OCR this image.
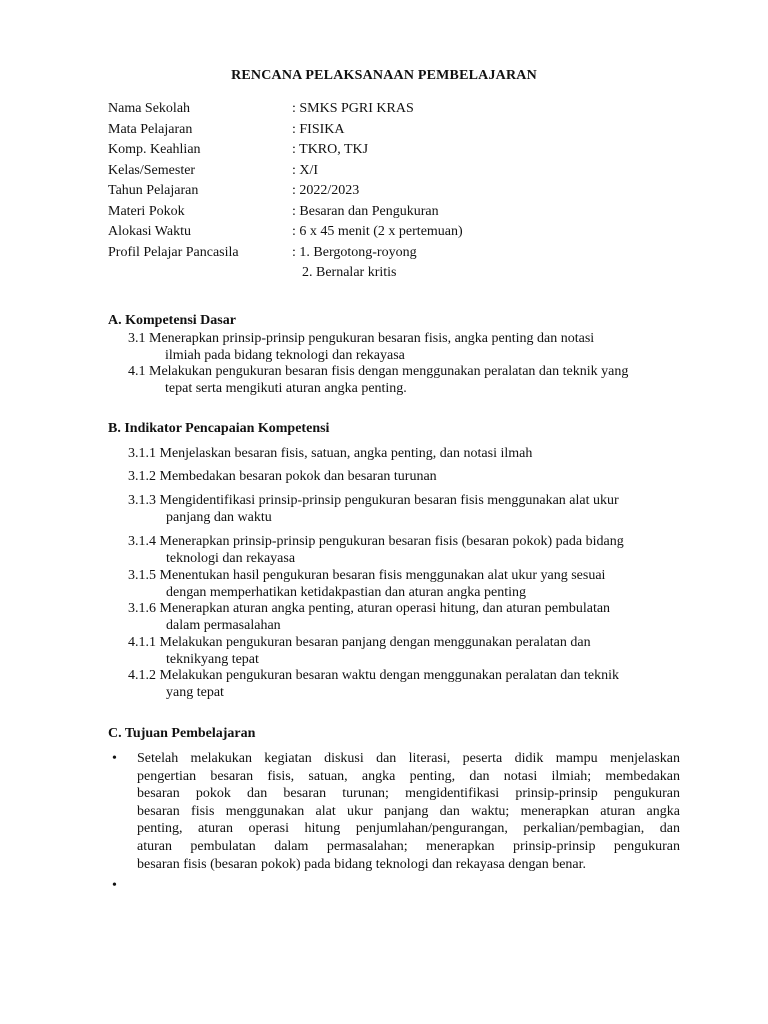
RENCANA PELAKSANAAN PEMBELAJARAN
Nama Sekolah	: SMKS PGRI KRAS
Mata Pelajaran	: FISIKA
Komp. Keahlian	: TKRO, TKJ
Kelas/Semester	: X/I
Tahun Pelajaran	: 2022/2023
Materi Pokok	: Besaran dan Pengukuran
Alokasi Waktu	: 6 x 45 menit (2 x pertemuan)
Profil Pelajar Pancasila	: 1. Bergotong-royong
2. Bernalar kritis
A. Kompetensi Dasar
3.1 Menerapkan prinsip-prinsip pengukuran besaran fisis, angka penting dan notasi
ilmiah pada bidang teknologi dan rekayasa
4.1 Melakukan pengukuran besaran fisis dengan menggunakan peralatan dan teknik yang
tepat serta mengikuti aturan angka penting.
B. Indikator Pencapaian Kompetensi
3.1.1 Menjelaskan besaran fisis, satuan, angka penting, dan notasi ilmah
3.1.2 Membedakan besaran pokok dan besaran turunan
3.1.3 Mengidentifikasi prinsip-prinsip pengukuran besaran fisis menggunakan alat ukur
panjang dan waktu
3.1.4 Menerapkan prinsip-prinsip pengukuran besaran fisis (besaran pokok) pada bidang
teknologi dan rekayasa
3.1.5 Menentukan hasil pengukuran besaran fisis menggunakan alat ukur yang sesuai
dengan memperhatikan ketidakpastian dan aturan angka penting
3.1.6 Menerapkan aturan angka penting, aturan operasi hitung, dan aturan pembulatan
dalam permasalahan
4.1.1 Melakukan pengukuran besaran panjang dengan menggunakan peralatan dan
teknikyang tepat
4.1.2 Melakukan pengukuran besaran waktu dengan menggunakan peralatan dan teknik
yang tepat
C. Tujuan Pembelajaran
• Setelah melakukan kegiatan diskusi dan literasi, peserta didik mampu menjelaskan
pengertian besaran fisis, satuan, angka penting, dan notasi ilmiah; membedakan
besaran pokok dan besaran turunan; mengidentifikasi prinsip-prinsip pengukuran
besaran fisis menggunakan alat ukur panjang dan waktu; menerapkan aturan angka
penting, aturan operasi hitung penjumlahan/pengurangan, perkalian/pembagian, dan
aturan pembulatan dalam permasalahan; menerapkan prinsip-prinsip pengukuran
besaran fisis (besaran pokok) pada bidang teknologi dan rekayasa dengan benar.
•
